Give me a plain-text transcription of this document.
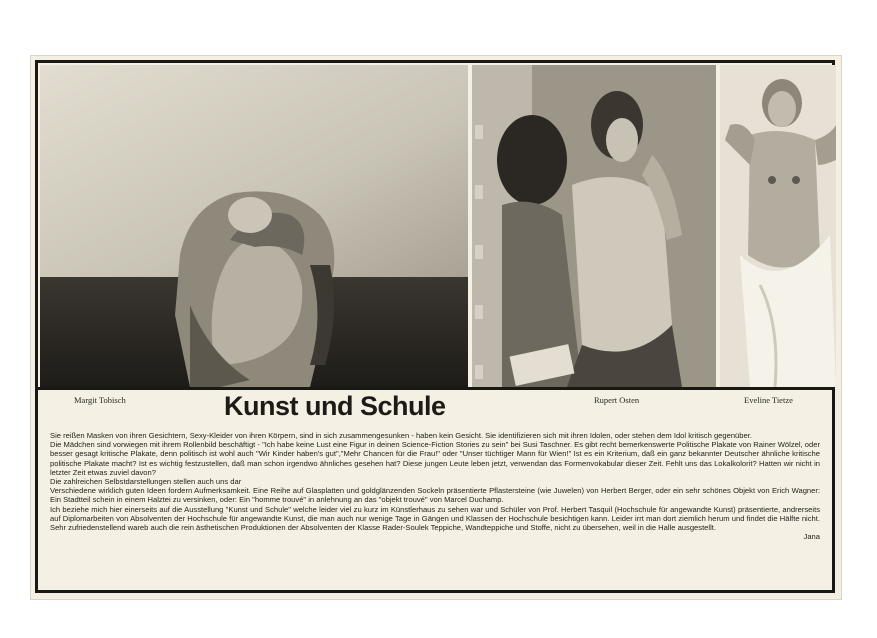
Margit Tobisch	Kunst und Schule	Rupert Osten	Eveline Tietze

Sie reißen Masken von ihren Gesichtern, Sexy-Kleider von ihren Körpern, sind in sich zusammengesunken - haben kein Gesicht. Sie identifizieren sich mit ihren Idolen, oder stehen dem Idol kritisch gegenüber.

Die Mädchen sind vorwiegen mit ihrem Rollenbild beschäftigt - "Ich habe keine Lust eine Figur in deinen Science-Fiction Stories zu sein" bei Susi Taschner. Es gibt recht bemerkenswerte Politische Plakate von Rainer Wölzel, oder besser gesagt kritische Plakate, denn politisch ist wohl auch "Wir Kinder haben's gut","Mehr Chancen für die Frau!" oder "Unser tüchtiger Mann für Wien!" Ist es ein Kriterium, daß ein ganz bekannter Deutscher ähnliche kritische politische Plakate macht? Ist es wichtig festzustellen, daß man schon irgendwo ähnliches gesehen hat? Diese jungen Leute leben jetzt, verwendan das Formenvokabular dieser Zeit. Fehlt uns das Lokalkolorit? Hatten wir nicht in letzter Zeit etwas zuviel davon?

Die zahlreichen Selbstdarstellungen stellen auch uns dar

Verschiedene wirklich guten Ideen fordern Aufmerksamkeit. Eine Reihe auf Glasplatten und goldglänzenden Sockeln präsentierte Pflastersteine (wie Juwelen) von Herbert Berger, oder ein sehr schönes Objekt von Erich Wagner: Ein Stadtteil schein in einem Halztei zu versinken, oder: Ein "homme trouvé" in anlehnung an das "objekt trouvé" von Marcel Duchamp.

Ich beziehe mich hier einerseits auf die Ausstellung "Kunst und Schule" welche leider viel zu kurz im Künstlerhaus zu sehen war und Schüler von Prof. Herbert Tasquil (Hochschule für angewandte Kunst) präsentierte, andrerseits auf Diplomarbeiten von Absolventen der Hochschule für angewandte Kunst, die man auch nur wenige Tage in Gängen und Klassen der Hochschule besichtigen kann. Leider irrt man dort ziemlich herum und findet die Hälfte nicht. Sehr zufriedenstellend wareb auch die rein ästhetischen Produktionen der Absolventen der Klasse Rader-Soulek Teppiche, Wandteppiche und Stoffe, nicht zu übersehen, weil in die Halle ausgestellt.

Jana
